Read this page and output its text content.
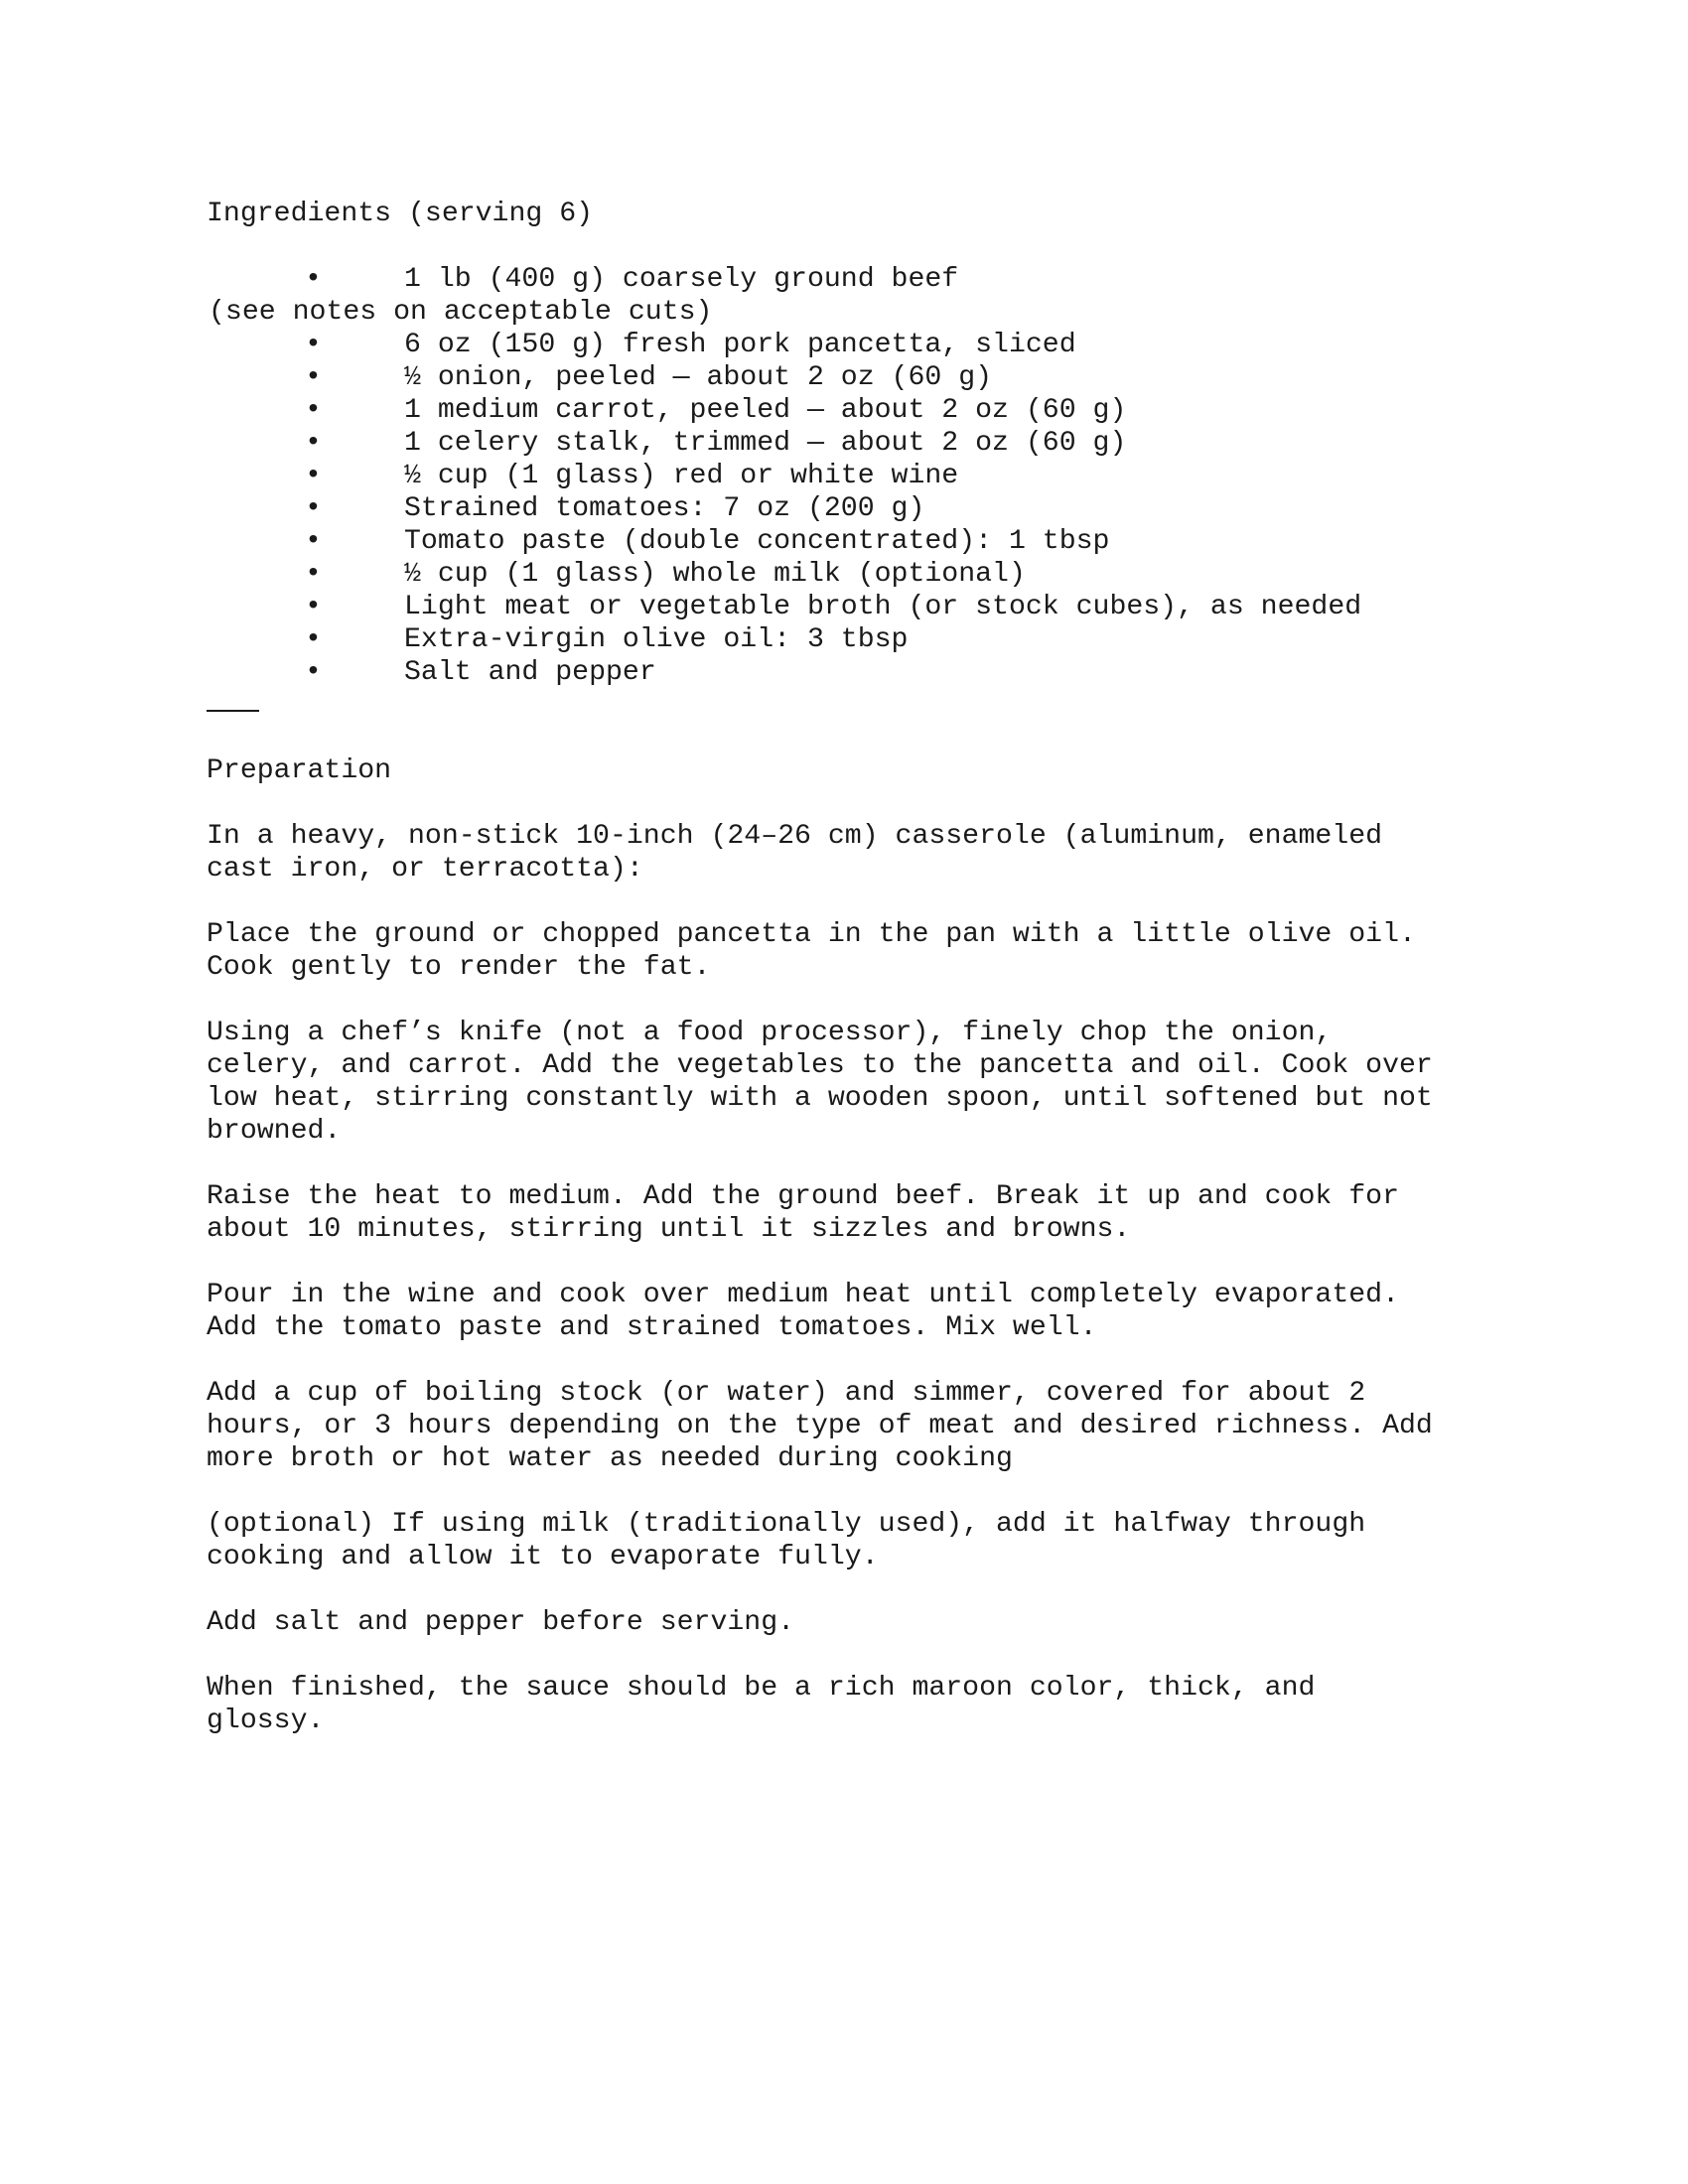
Ingredients (serving 6)

•

	1 lb (400 g) coarsely ground beef

(see notes on acceptable cuts)

•

	6 oz (150 g) fresh pork pancetta, sliced

•

	½ onion, peeled — about 2 oz (60 g)

•

	1 medium carrot, peeled — about 2 oz (60 g)

•

	1 celery stalk, trimmed — about 2 oz (60 g)

•

	½ cup (1 glass) red or white wine

•

	Strained tomatoes: 7 oz (200 g)

•

	Tomato paste (double concentrated): 1 tbsp

•

	½ cup (1 glass) whole milk (optional)

•

	Light meat or vegetable broth (or stock cubes), as needed

•

	Extra-virgin olive oil: 3 tbsp

•

	Salt and pepper

Preparation
In a heavy, non-stick 10-inch (24–26 cm) casserole (aluminum, enameled
cast iron, or terracotta):
Place the ground or chopped pancetta in the pan with a little olive oil.
Cook gently to render the fat.
Using a chef’s knife (not a food processor), finely chop the onion,
celery, and carrot. Add the vegetables to the pancetta and oil. Cook over
low heat, stirring constantly with a wooden spoon, until softened but not
browned.
Raise the heat to medium. Add the ground beef. Break it up and cook for
about 10 minutes, stirring until it sizzles and browns.
Pour in the wine and cook over medium heat until completely evaporated.
Add the tomato paste and strained tomatoes. Mix well.
Add a cup of boiling stock (or water) and simmer, covered for about 2
hours, or 3 hours depending on the type of meat and desired richness. Add
more broth or hot water as needed during cooking
(optional) If using milk (traditionally used), add it halfway through
cooking and allow it to evaporate fully.
Add salt and pepper before serving.
When finished, the sauce should be a rich maroon color, thick, and
glossy.
